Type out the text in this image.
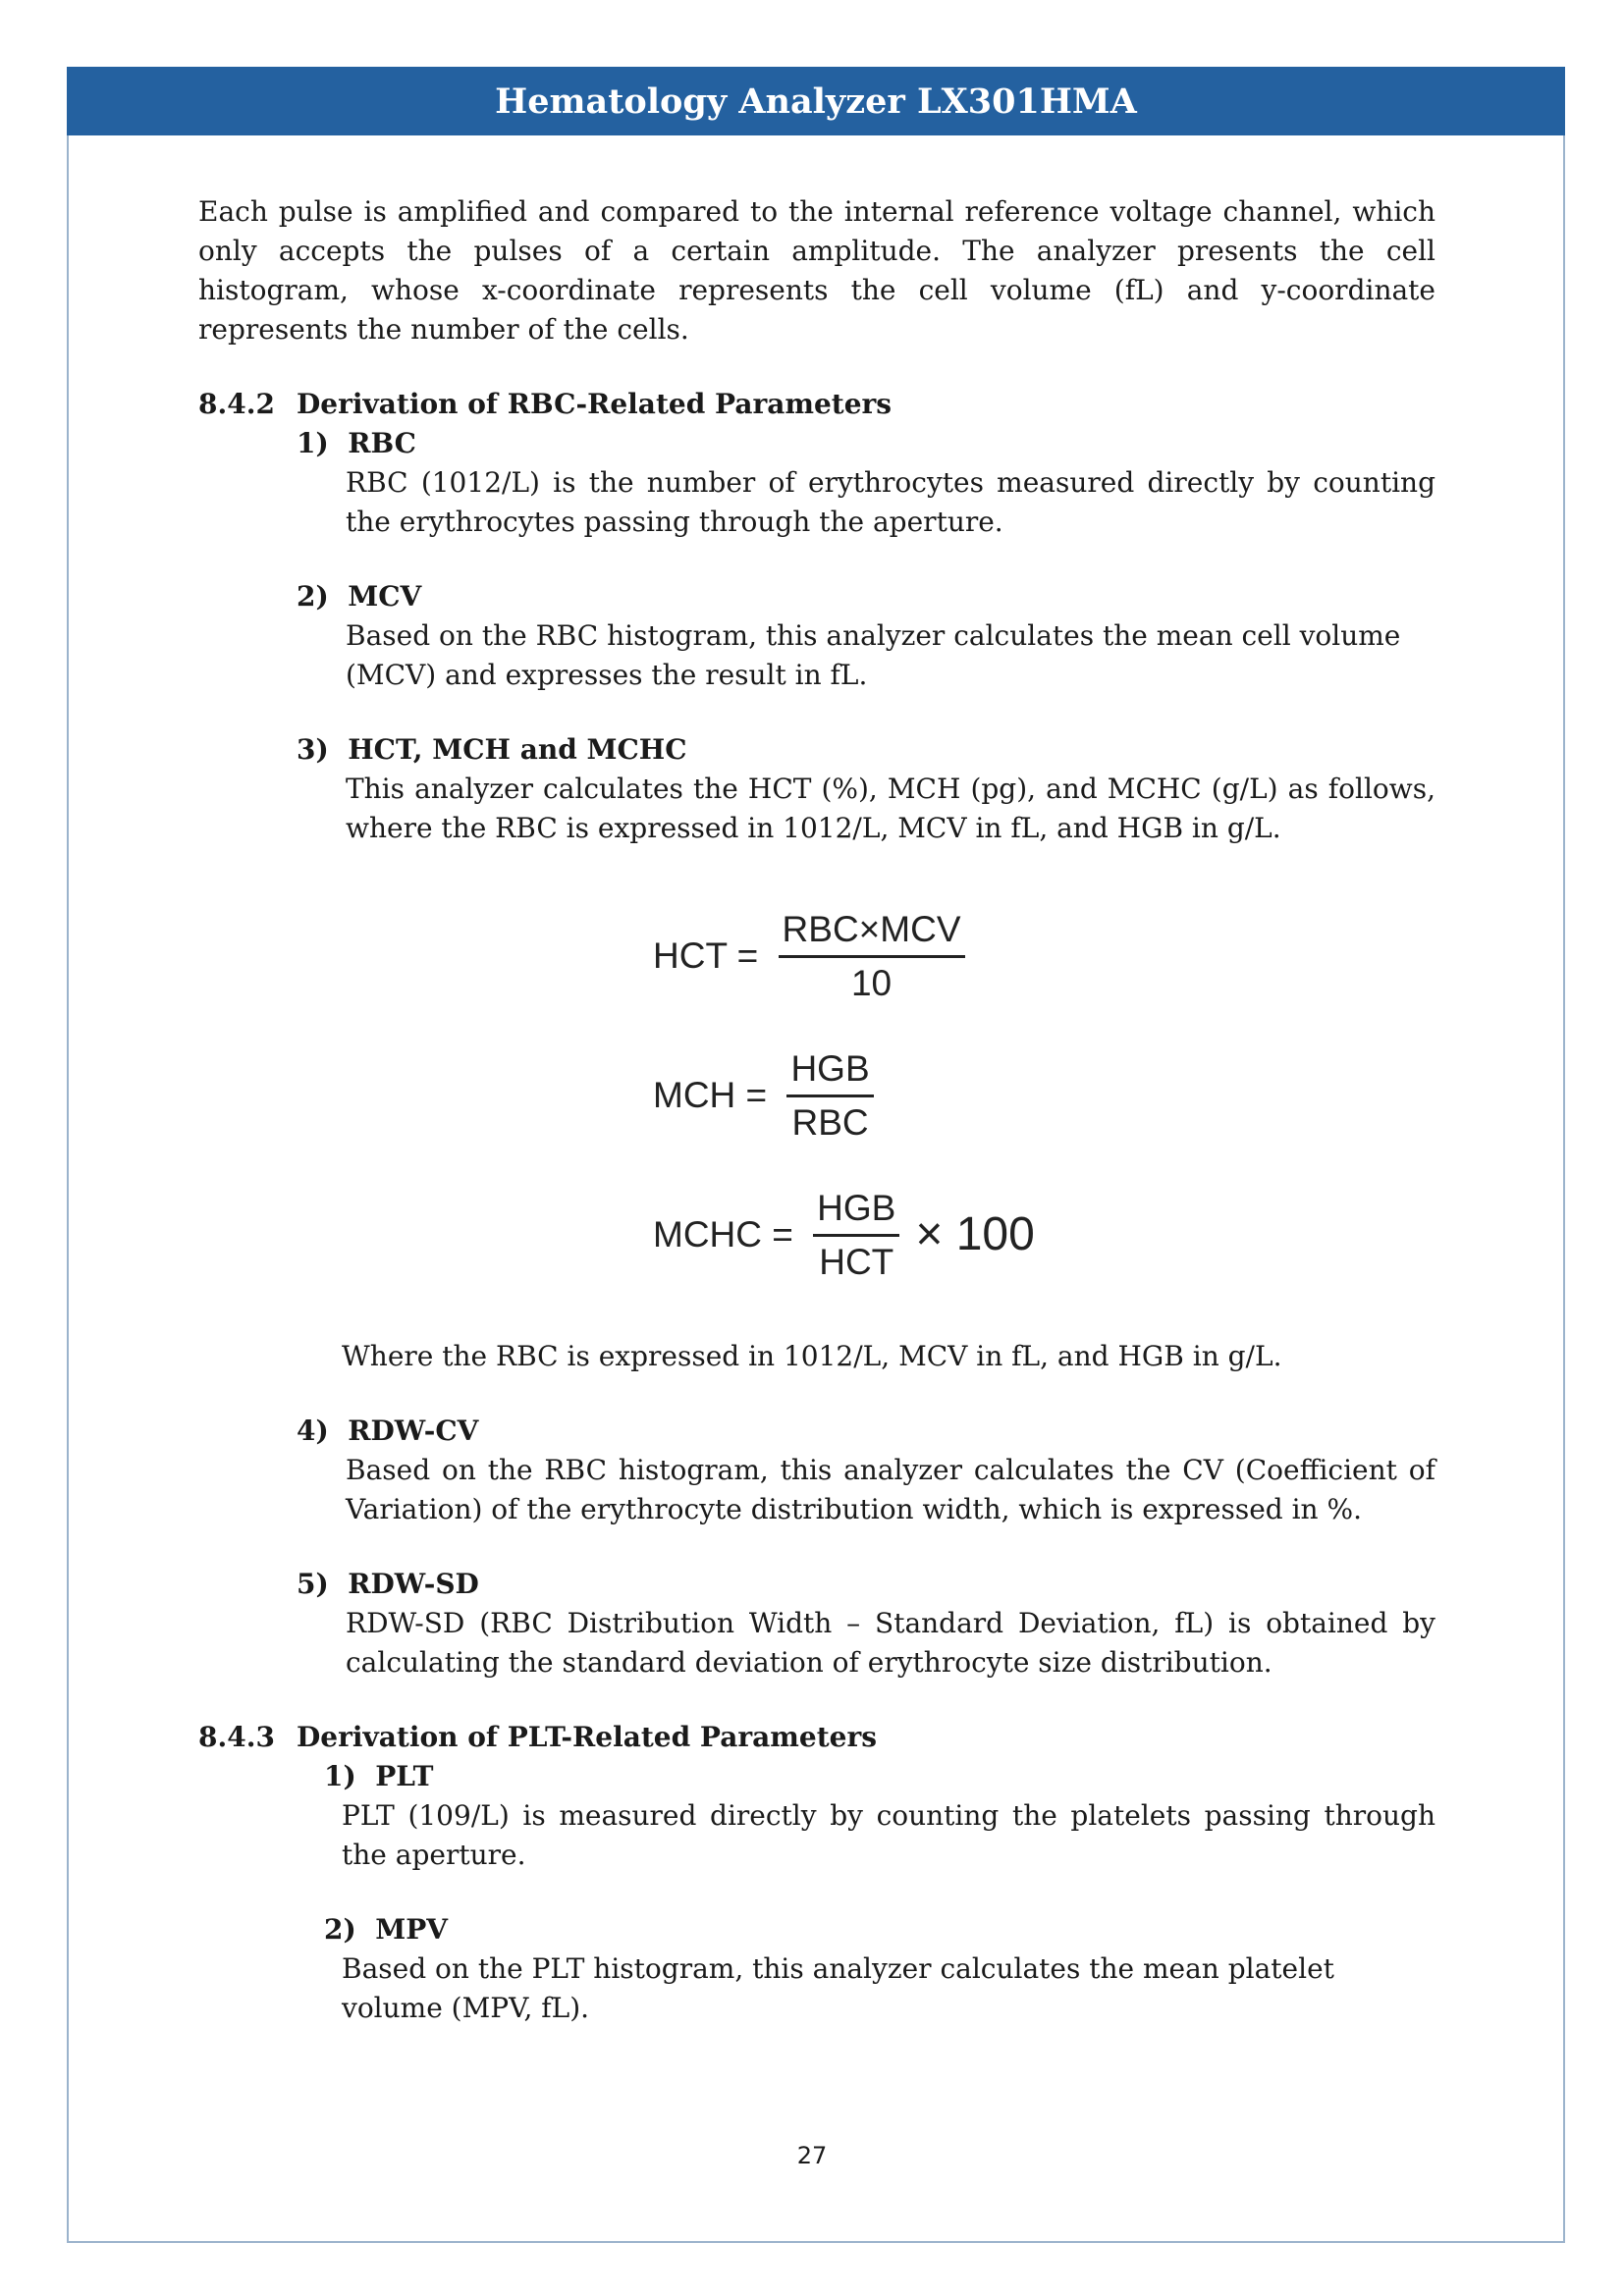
Hematology Analyzer LX301HMA

Each pulse is amplified and compared to the internal reference voltage channel, which only accepts the pulses of a certain amplitude. The analyzer presents the cell histogram, whose x-coordinate represents the cell volume (fL) and y-coordinate represents the number of the cells.

8.4.2 Derivation of RBC-Related Parameters

1)  RBC

RBC (1012/L) is the number of erythrocytes measured directly by counting the erythrocytes passing through the aperture.

2)  MCV

Based on the RBC histogram, this analyzer calculates the mean cell volume (MCV) and expresses the result in fL.

3)  HCT, MCH and MCHC

This analyzer calculates the HCT (%), MCH (pg), and MCHC (g/L) as follows, where the RBC is expressed in 1012/L, MCV in fL, and HGB in g/L.

HCT = $\frac{\text{RBC×MCV}}{10}$
MCH = $\frac{\text{HGB}}{\text{RBC}}$
MCHC = $\frac{\text{HGB}}{\text{HCT}} \times 100$

Where the RBC is expressed in 1012/L, MCV in fL, and HGB in g/L.

4)  RDW-CV

Based on the RBC histogram, this analyzer calculates the CV (Coefficient of Variation) of the erythrocyte distribution width, which is expressed in %.

5)  RDW-SD

RDW-SD (RBC Distribution Width – Standard Deviation, fL) is obtained by calculating the standard deviation of erythrocyte size distribution.

8.4.3 Derivation of PLT-Related Parameters

1)  PLT

PLT (109/L) is measured directly by counting the platelets passing through the aperture.

2)  MPV

Based on the PLT histogram, this analyzer calculates the mean platelet volume (MPV, fL).

27
